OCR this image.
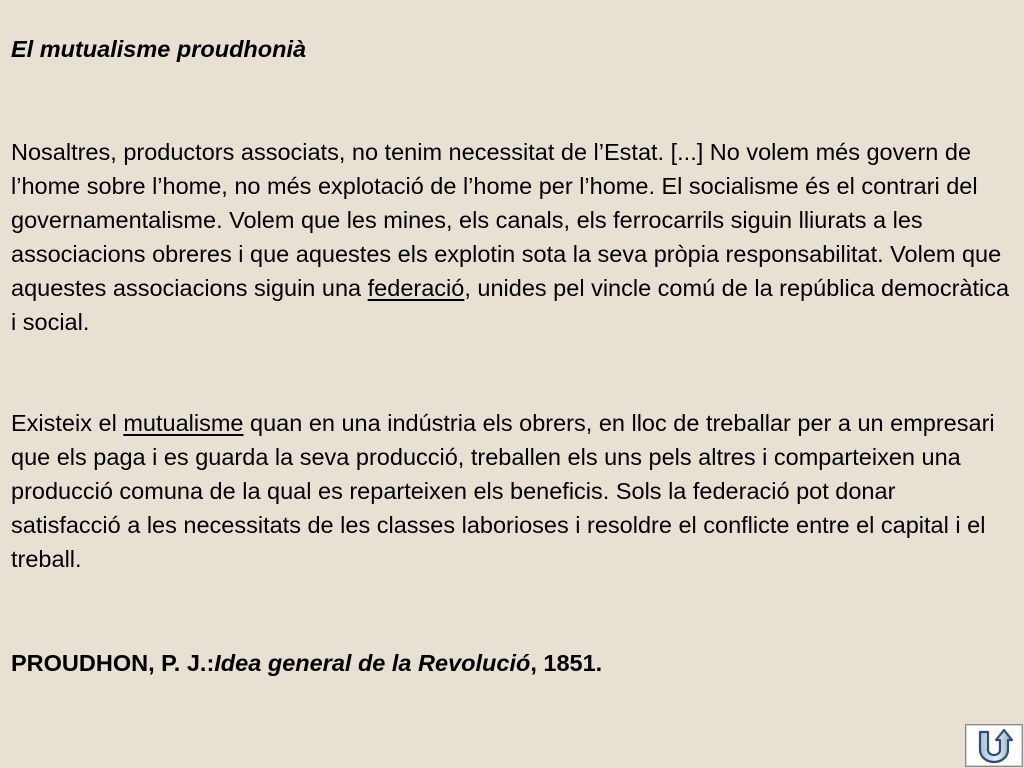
El mutualisme proudhonià

Nosaltres, productors associats, no tenim necessitat de l’Estat. [...] No volem més govern de l’home sobre l’home, no més explotació de l’home per l’home. El socialisme és el contrari del governamentalisme. Volem que les mines, els canals, els ferrocarrils siguin lliurats a les associacions obreres i que aquestes els explotin sota la seva pròpia responsabilitat. Volem que aquestes associacions siguin una federació, unides pel vincle comú de la república democràtica i social.

Existeix el mutualisme quan en una indústria els obrers, en lloc de treballar per a un empresari que els paga i es guarda la seva producció, treballen els uns pels altres i comparteixen una producció comuna de la qual es reparteixen els beneficis. Sols la federació pot donar satisfacció a les necessitats de les classes laborioses i resoldre el conflicte entre el capital i el treball.

PROUDHON, P. J.:Idea general de la Revolució, 1851.
